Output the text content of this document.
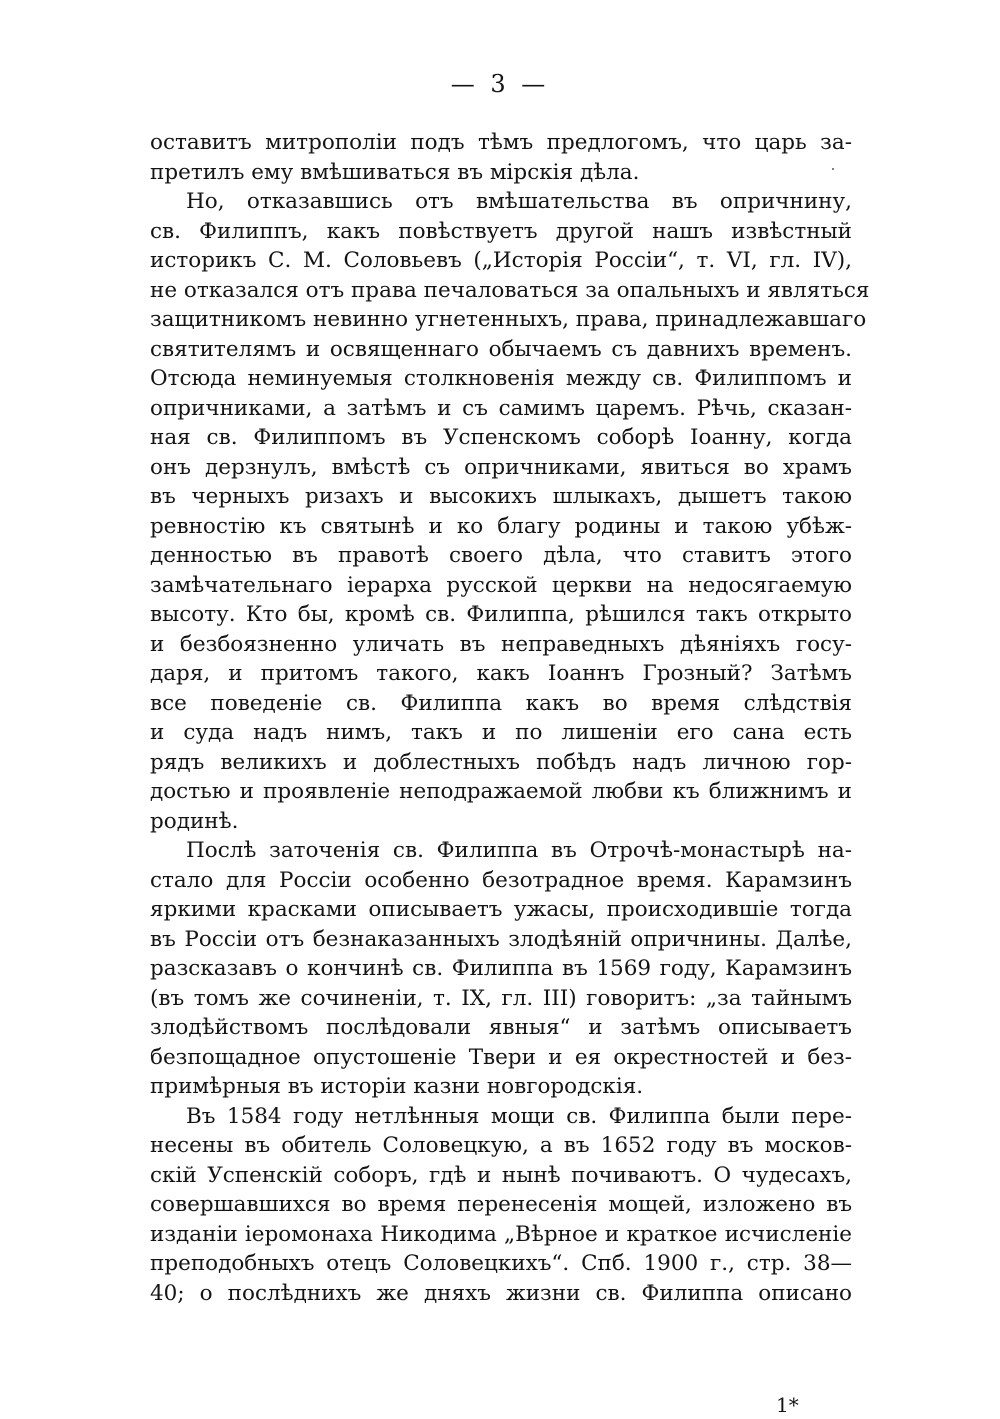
— 3 —
оставитъ митрополіи подъ тѣмъ предлогомъ, что царь за-
претилъ ему вмѣшиваться въ мірскія дѣла.
Но, отказавшись отъ вмѣшательства въ опричнину,
св. Филиппъ, какъ повѣствуетъ другой нашъ извѣстный
историкъ С. М. Соловьевъ („Исторія Россіи“, т. VI, гл. IV),
не отказался отъ права печаловаться за опальныхъ и являться
защитникомъ невинно угнетенныхъ, права, принадлежавшаго
святителямъ и освященнаго обычаемъ съ давнихъ временъ.
Отсюда неминуемыя столкновенія между св. Филиппомъ и
опричниками, а затѣмъ и съ самимъ царемъ. Рѣчь, сказан-
ная св. Филиппомъ въ Успенскомъ соборѣ Іоанну, когда
онъ дерзнулъ, вмѣстѣ съ опричниками, явиться во храмъ
въ черныхъ ризахъ и высокихъ шлыкахъ, дышетъ такою
ревностію къ святынѣ и ко благу родины и такою убѣж-
денностью въ правотѣ своего дѣла, что ставитъ этого
замѣчательнаго іерарха русской церкви на недосягаемую
высоту. Кто бы, кромѣ св. Филиппа, рѣшился такъ открыто
и безбоязненно уличать въ неправедныхъ дѣяніяхъ госу-
даря, и притомъ такого, какъ Іоаннъ Грозный? Затѣмъ
все поведеніе св. Филиппа какъ во время слѣдствія
и суда надъ нимъ, такъ и по лишеніи его сана есть
рядъ великихъ и доблестныхъ побѣдъ надъ личною гор-
достью и проявленіе неподражаемой любви къ ближнимъ и
родинѣ.
Послѣ заточенія св. Филиппа въ Отрочѣ-монастырѣ на-
стало для Россіи особенно безотрадное время. Карамзинъ
яркими красками описываетъ ужасы, происходившіе тогда
въ Россіи отъ безнаказанныхъ злодѣяній опричнины. Далѣе,
разсказавъ о кончинѣ св. Филиппа въ 1569 году, Карамзинъ
(въ томъ же сочиненіи, т. IX, гл. III) говоритъ: „за тайнымъ
злодѣйствомъ послѣдовали явныя“ и затѣмъ описываетъ
безпощадное опустошеніе Твери и ея окрестностей и без-
примѣрныя въ исторіи казни новгородскія.
Въ 1584 году нетлѣнныя мощи св. Филиппа были пере-
несены въ обитель Соловецкую, а въ 1652 году въ москов-
скій Успенскій соборъ, гдѣ и нынѣ почиваютъ. О чудесахъ,
совершавшихся во время перенесенія мощей, изложено въ
изданіи іеромонаха Никодима „Вѣрное и краткое исчисленіе
преподобныхъ отецъ Соловецкихъ“. Спб. 1900 г., стр. 38—
40; о послѣднихъ же дняхъ жизни св. Филиппа описано
1*
